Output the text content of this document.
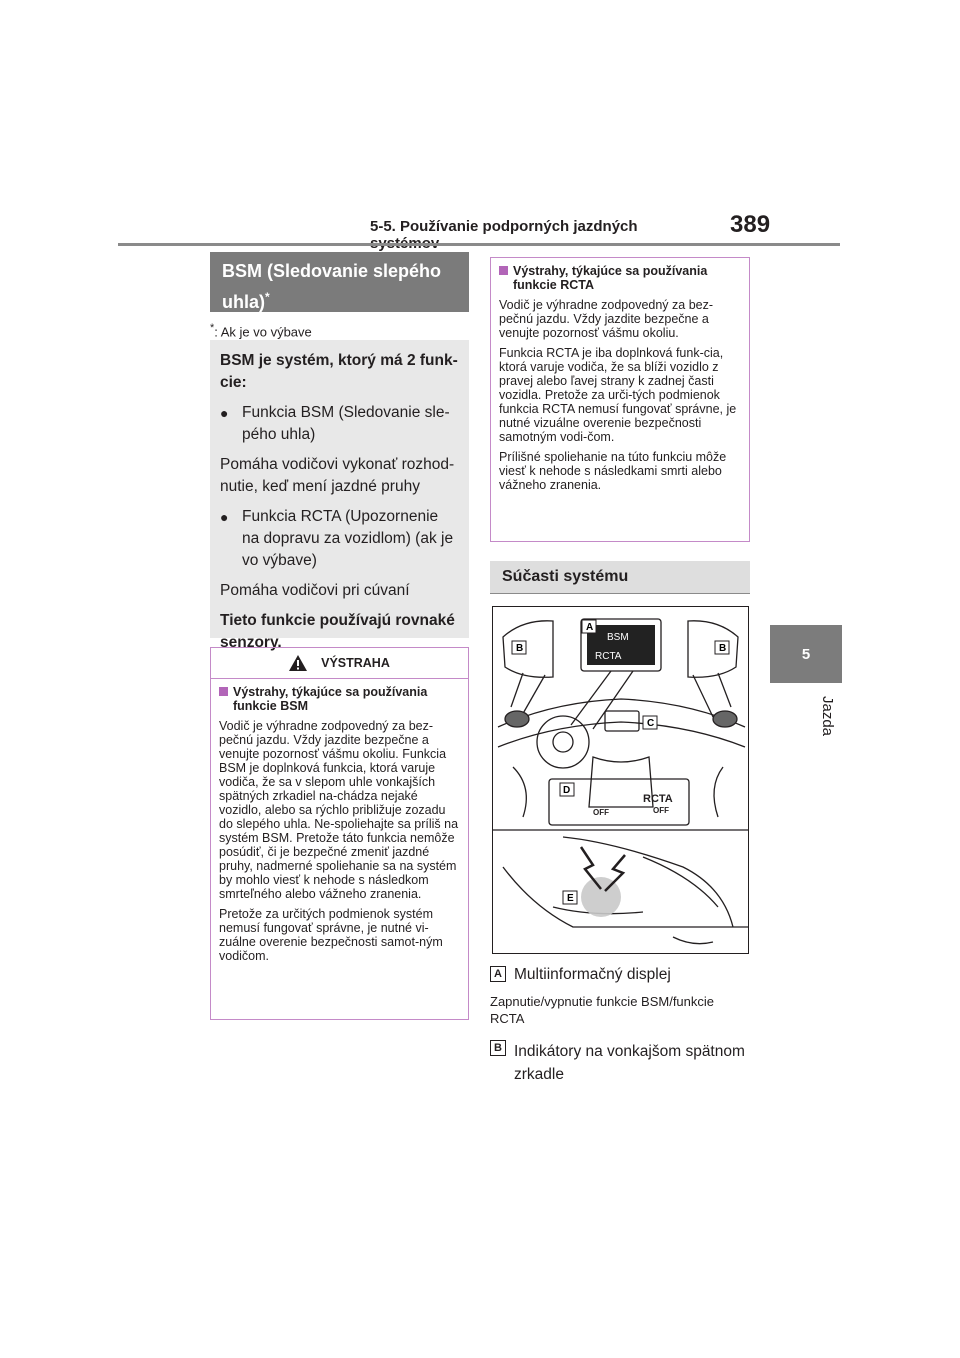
5-5. Používanie podporných jazdných	389
5
Jazda
BSM (Sledovanie slepého uhla)*
*: Ak je vo výbave

BSM je systém, ktorý má 2 funk-cie:

● Funkcia BSM (Sledovanie sle-pého uhla)

Pomáha vodičovi vykonať rozhod-nutie, keď mení jazdné pruhy

● Funkcia RCTA (Upozornenie na dopravu za vozidlom) (ak je vo výbave)

Pomáha vodičovi pri cúvaní

Tieto funkcie používajú rovnaké senzory.

VÝSTRAHA

Výstrahy, týkajúce sa používania funkcie BSM

Vodič je výhradne zodpovedný za bez-pečnú jazdu. Vždy jazdite bezpečne a venujte pozornosť vášmu okoliu. Funkcia BSM je doplnková funkcia, ktorá varuje vodiča, že sa v slepom uhle vonkajších spätných zrkadiel na-chádza nejaké vozidlo, alebo sa rýchlo približuje zozadu do slepého uhla. Ne-spoliehajte sa príliš na systém BSM. Pretože táto funkcia nemôže posúdiť, či je bezpečné zmeniť jazdné pruhy, nadmerné spoliehanie sa na systém by mohlo viesť k nehode s následkom smrteľného alebo vážneho zranenia.

Pretože za určitých podmienok systém nemusí fungovať správne, je nutné vi-zuálne overenie bezpečnosti samot-ným vodičom.

Výstrahy, týkajúce sa používania funkcie RCTA

Vodič je výhradne zodpovedný za bez-pečnú jazdu. Vždy jazdite bezpečne a venujte pozornosť vášmu okoliu.

Funkcia RCTA je iba doplnková funk-cia, ktorá varuje vodiča, že sa blíži vozidlo z pravej alebo ľavej strany k zadnej časti vozidla. Pretože za urči-tých podmienok funkcia RCTA nemusí fungovať správne, je nutné vizuálne overenie bezpečnosti samotným vodi-čom.

Prílišné spoliehanie na túto funkciu môže viesť k nehode s následkami smrti alebo vážneho zranenia.

Súčasti systému
BSM
RCTA
OFF
RCTA
OFF
A
B	B
C
D
E
A Multiinformačný displej
Zapnutie/vypnutie funkcie BSM/funkcie RCTA
B Indikátory na vonkajšom spätnom zrkadle
